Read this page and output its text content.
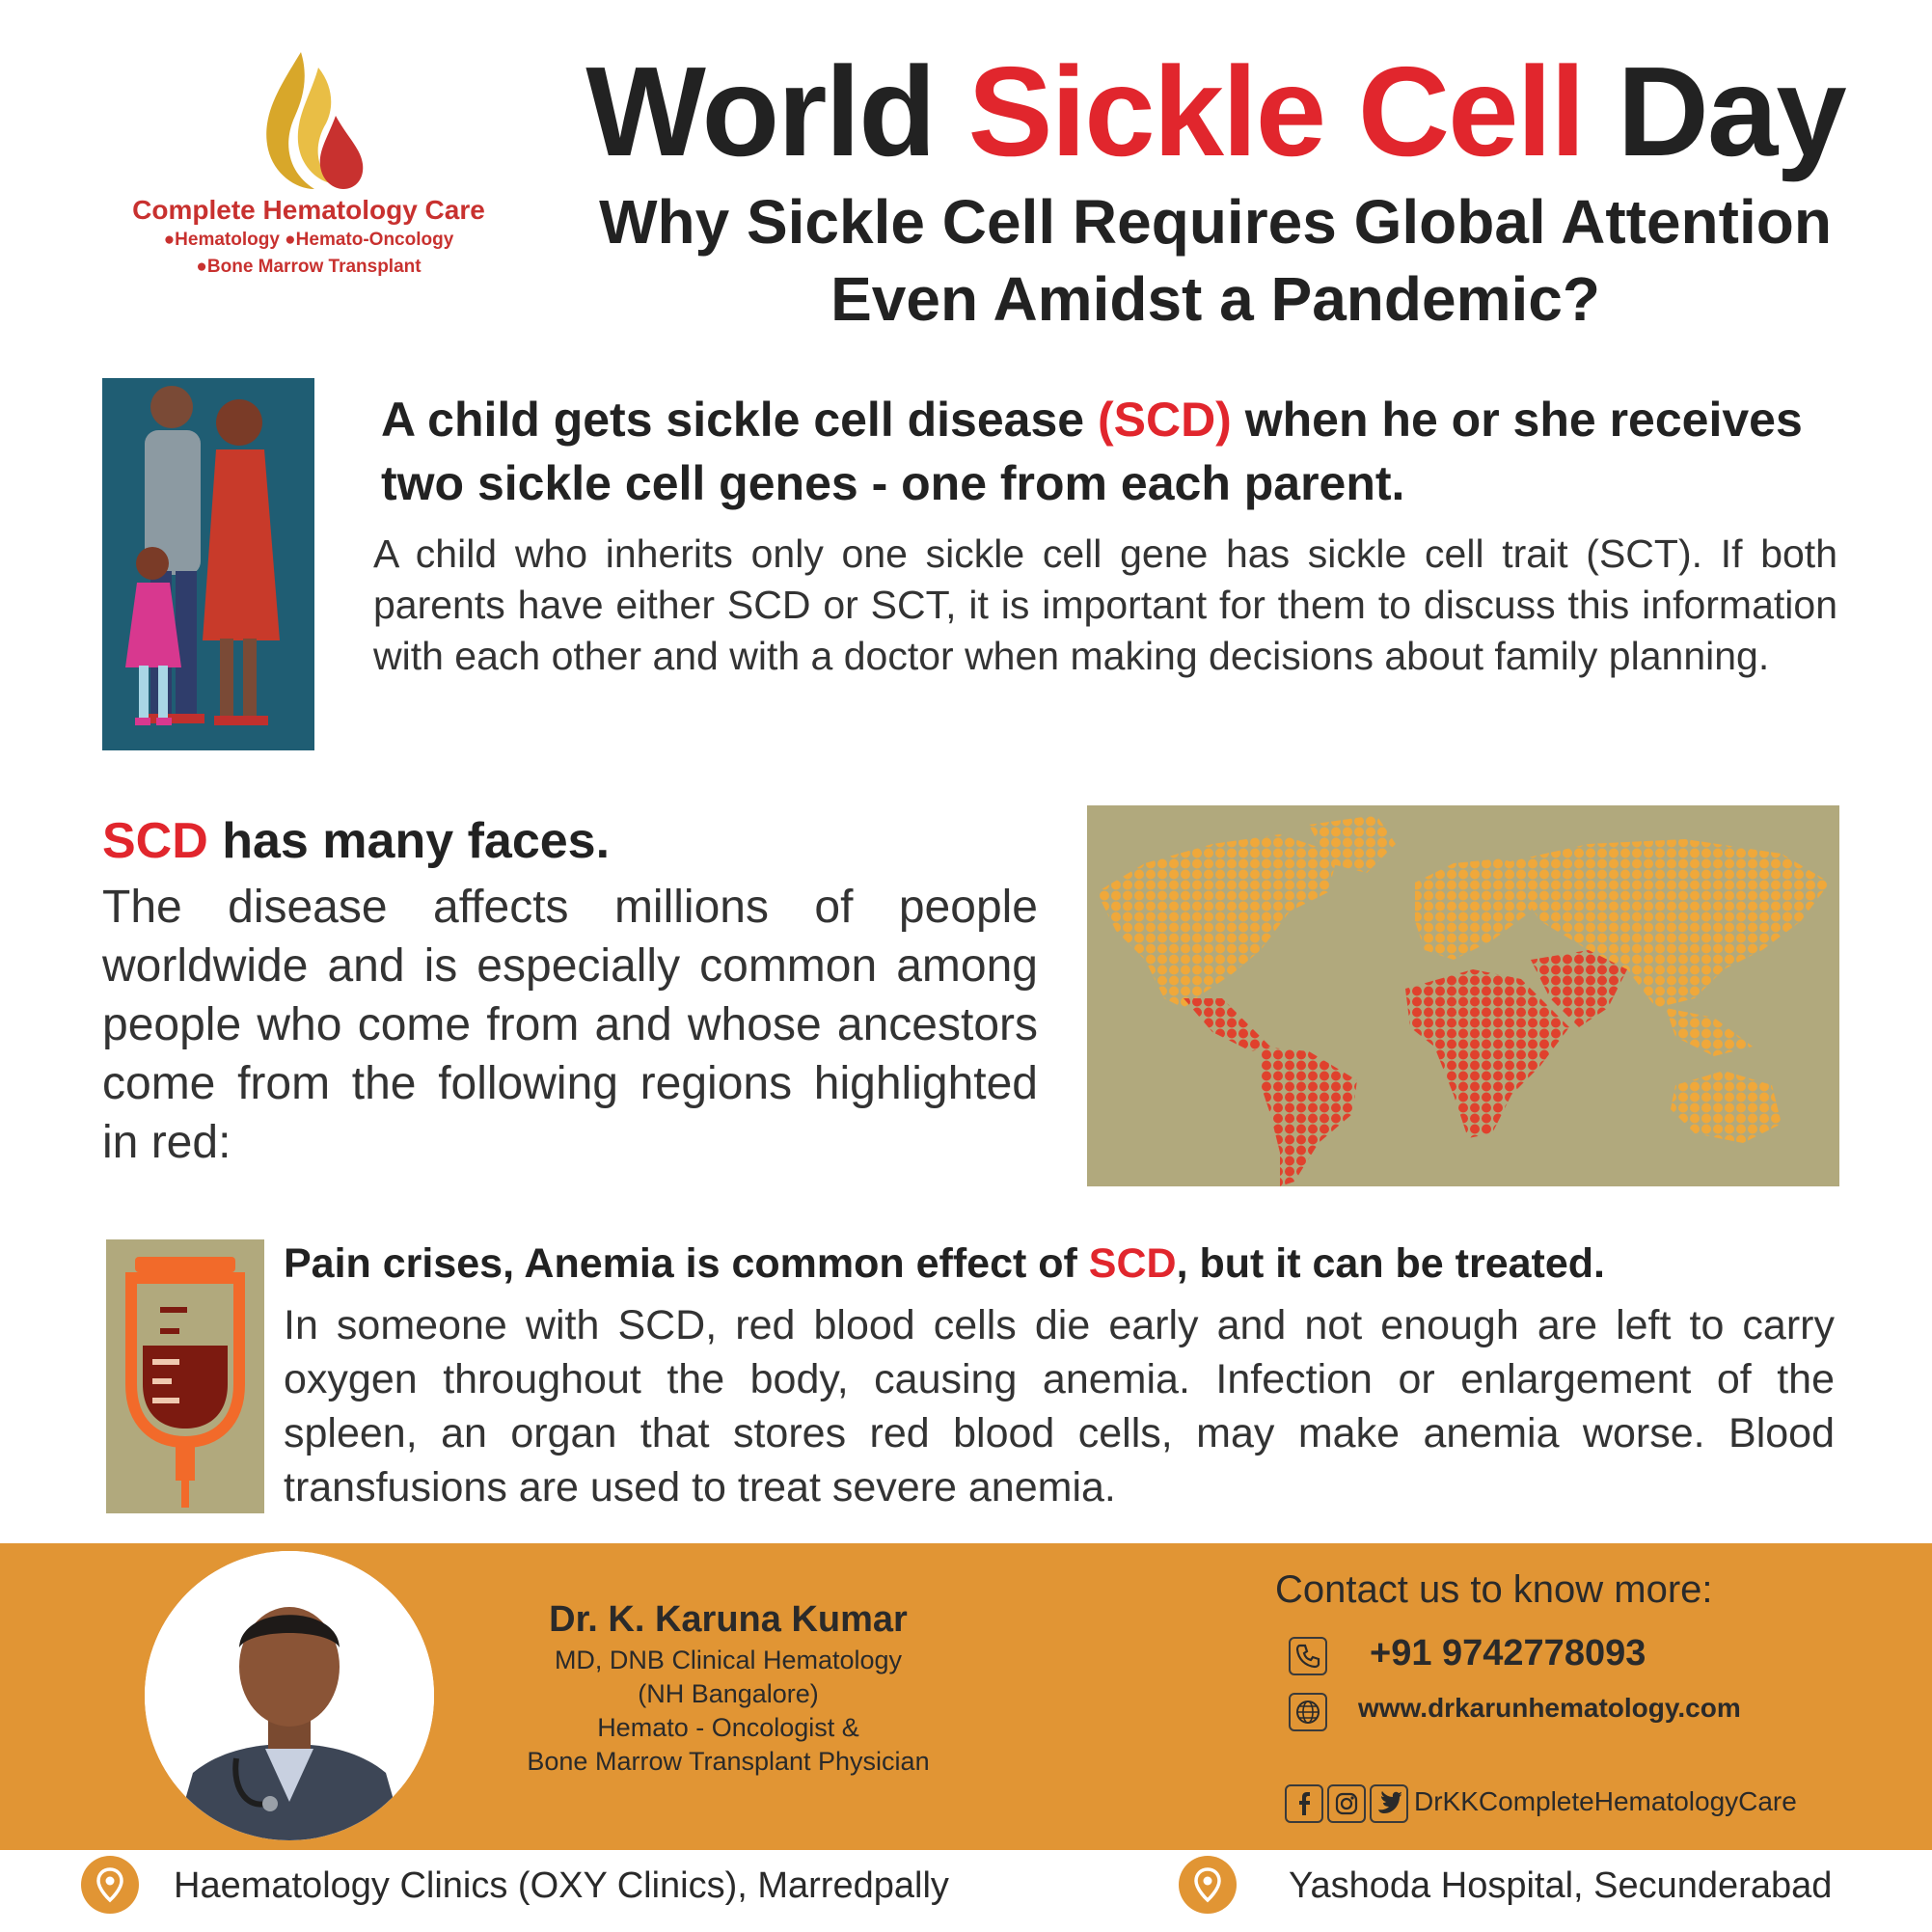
Complete Hematology Care
●Hematology ●Hemato-Oncology
●Bone Marrow Transplant
World Sickle Cell Day
Why Sickle Cell Requires Global Attention
Even Amidst a Pandemic?
A child gets sickle cell disease (SCD) when he or she receives two sickle cell genes - one from each parent.
A child who inherits only one sickle cell gene has sickle cell trait (SCT). If both parents have either SCD or SCT, it is important for them to discuss this information with each other and with a doctor when making decisions about family planning.
SCD has many faces.
The disease affects millions of people worldwide and is especially common among people who come from and whose ancestors come from the following regions highlighted in red:
Pain crises, Anemia is common effect of SCD, but it can be treated.
In someone with SCD, red blood cells die early and not enough are left to carry oxygen throughout the body, causing anemia. Infection or enlargement of the spleen, an organ that stores red blood cells, may make anemia worse. Blood transfusions are used to treat severe anemia.
Dr. K. Karuna Kumar
MD, DNB Clinical Hematology
(NH Bangalore)
Hemato - Oncologist &
Bone Marrow Transplant Physician
Contact us to know more:
+91 9742778093
www.drkarunhematology.com
DrKKCompleteHematologyCare
Haematology Clinics (OXY Clinics), Marredpally	Yashoda Hospital, Secunderabad
